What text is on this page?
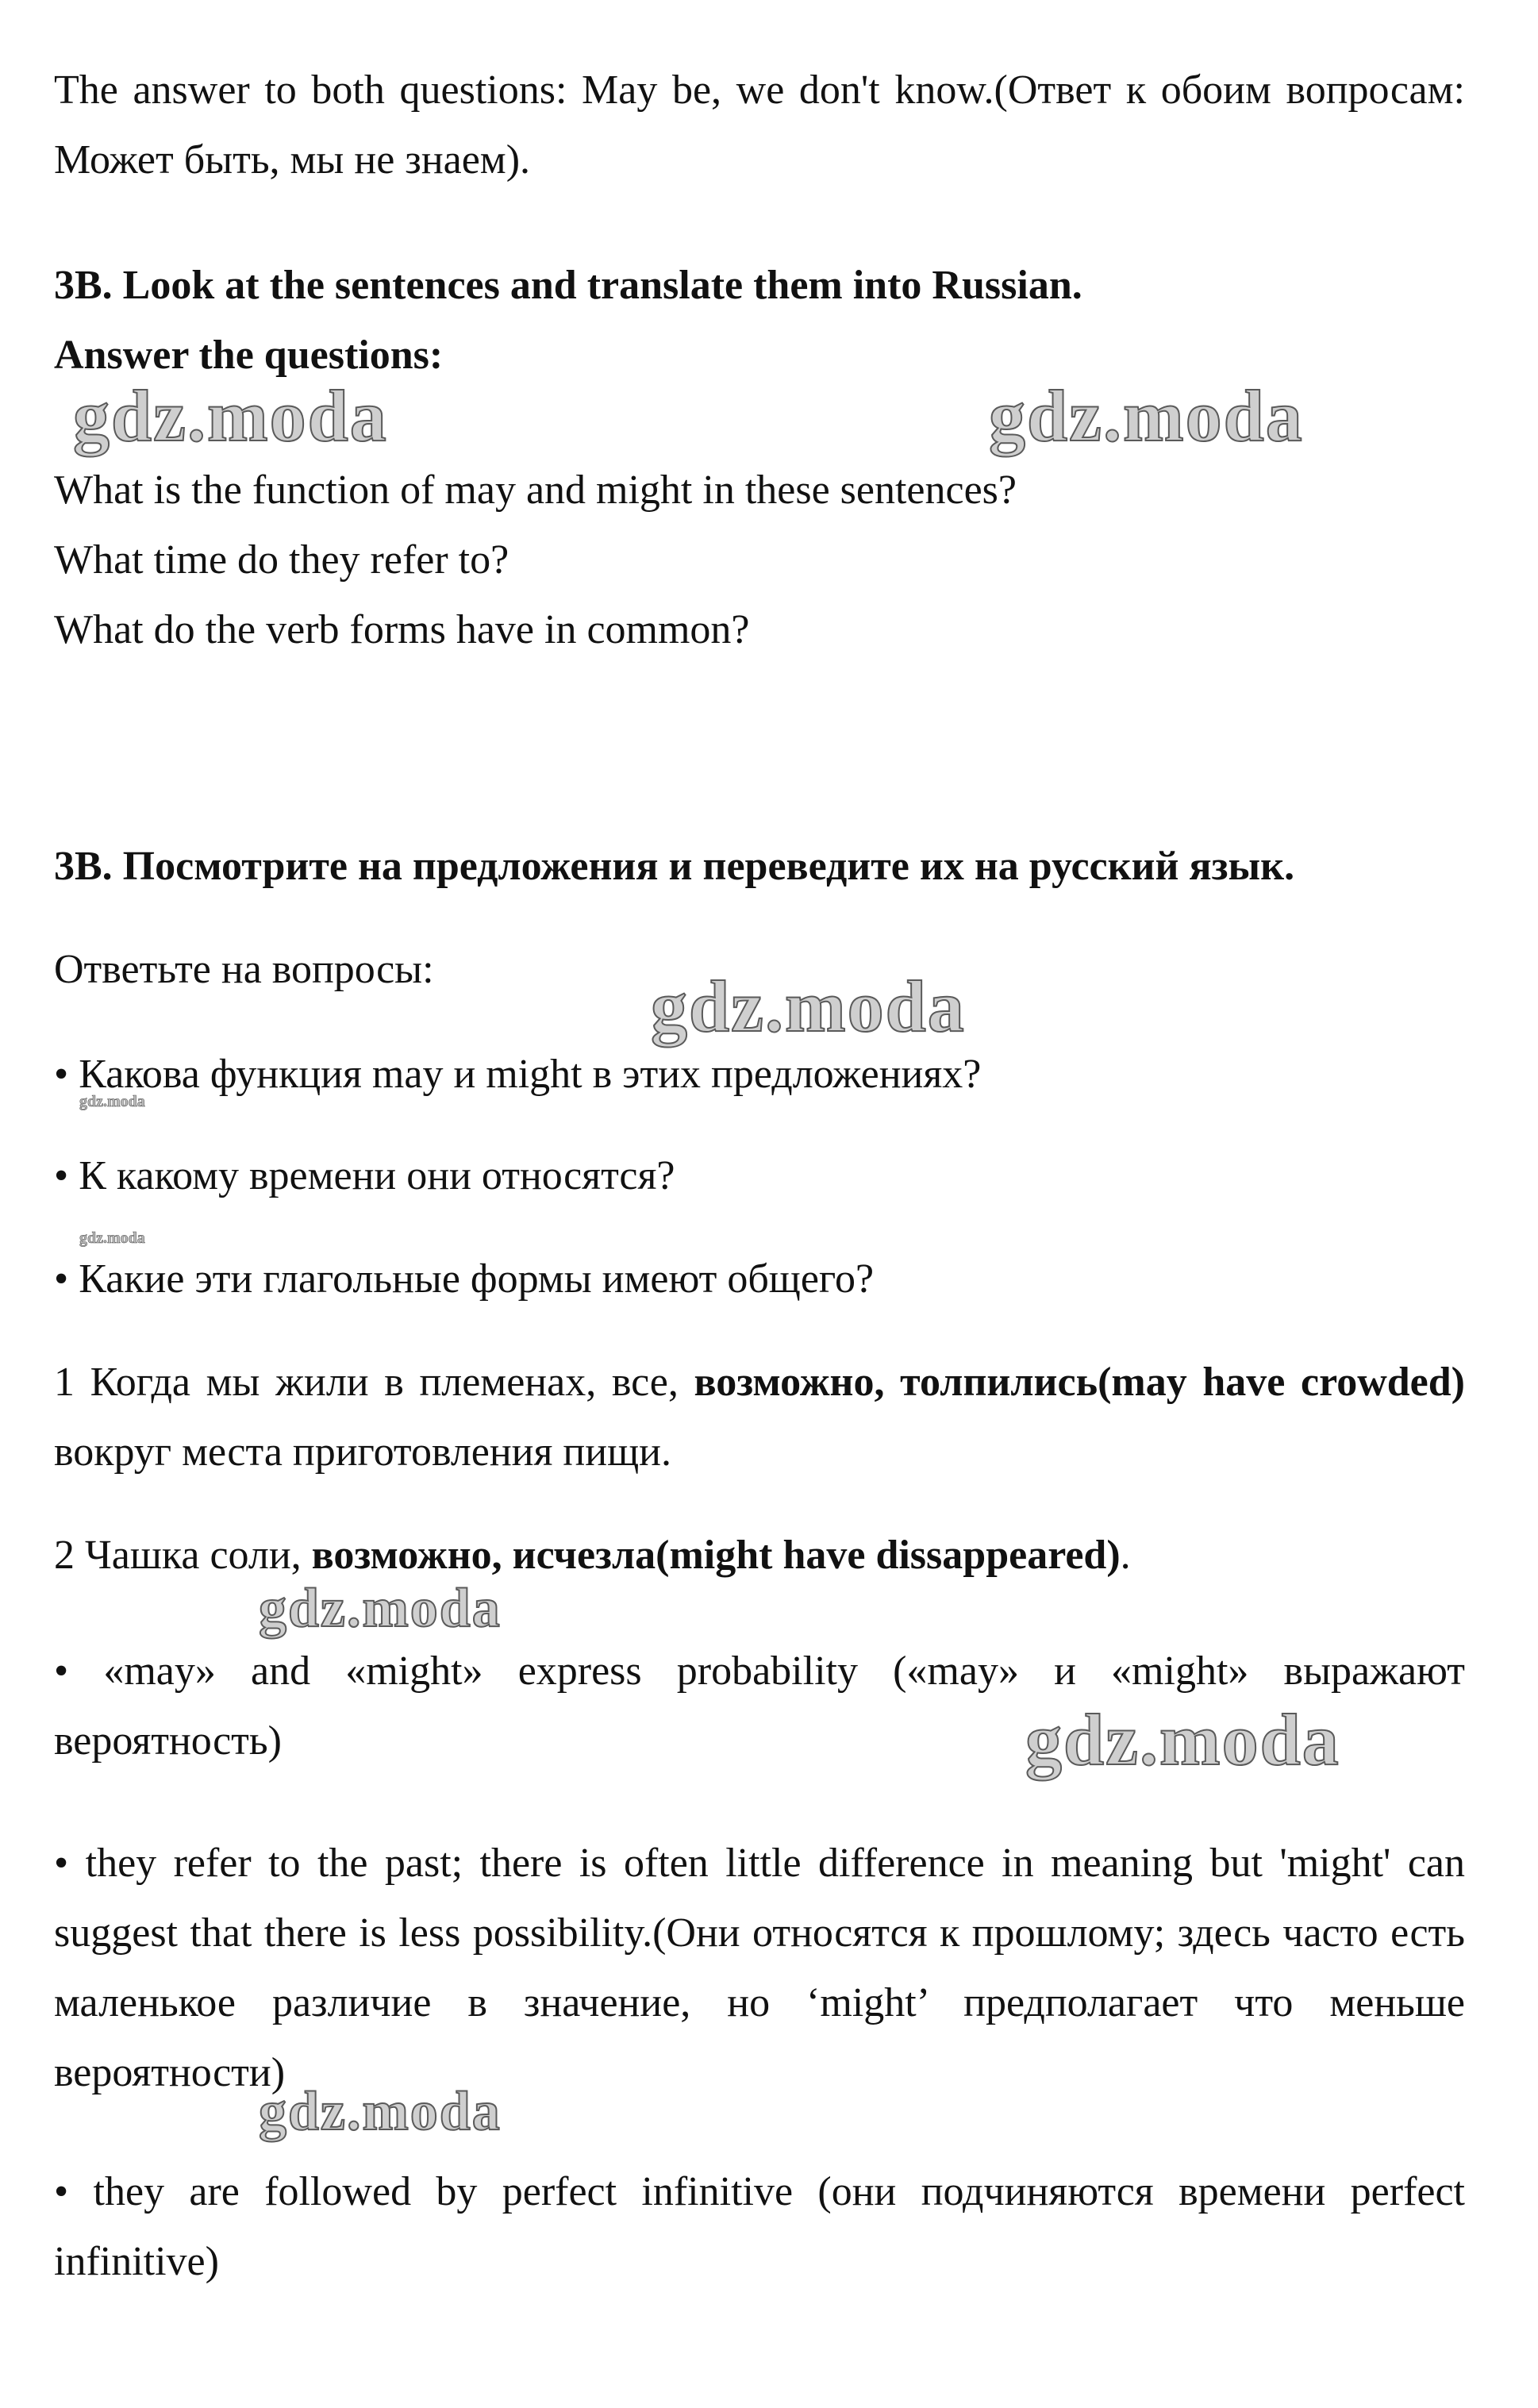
The answer to both questions: May be, we don't know.(Ответ к обоим вопросам: Может быть, мы не знаем).

3B. Look at the sentences and translate them into Russian.

Answer the questions:

What is the function of may and might in these sentences?

What time do they refer to?

What do the verb forms have in common?

3B. Посмотрите на предложения и переведите их на русский язык.

Ответьте на вопросы:

• Какова функция may и might в этих предложениях?

• К какому времени они относятся?

• Какие эти глагольные формы имеют общего?

1 Когда мы жили в племенах, все, возможно, толпились(may have crowded) вокруг места приготовления пищи.

2 Чашка соли, возможно, исчезла(might have dissappeared).

• «may» and «might» express probability («may» и «might» выражают вероятность)

• they refer to the past; there is often little difference in meaning but 'might' can suggest that there is less possibility.(Они относятся к прошлому; здесь часто есть маленькое различие в значение, но ‘might’ предполагает что меньше вероятности)

• they are followed by perfect infinitive (они подчиняются времени perfect infinitive)

gdz.moda	gdz.moda
gdz.moda
gdz.moda
gdz.moda
gdz.moda
gdz.moda
gdz.moda
